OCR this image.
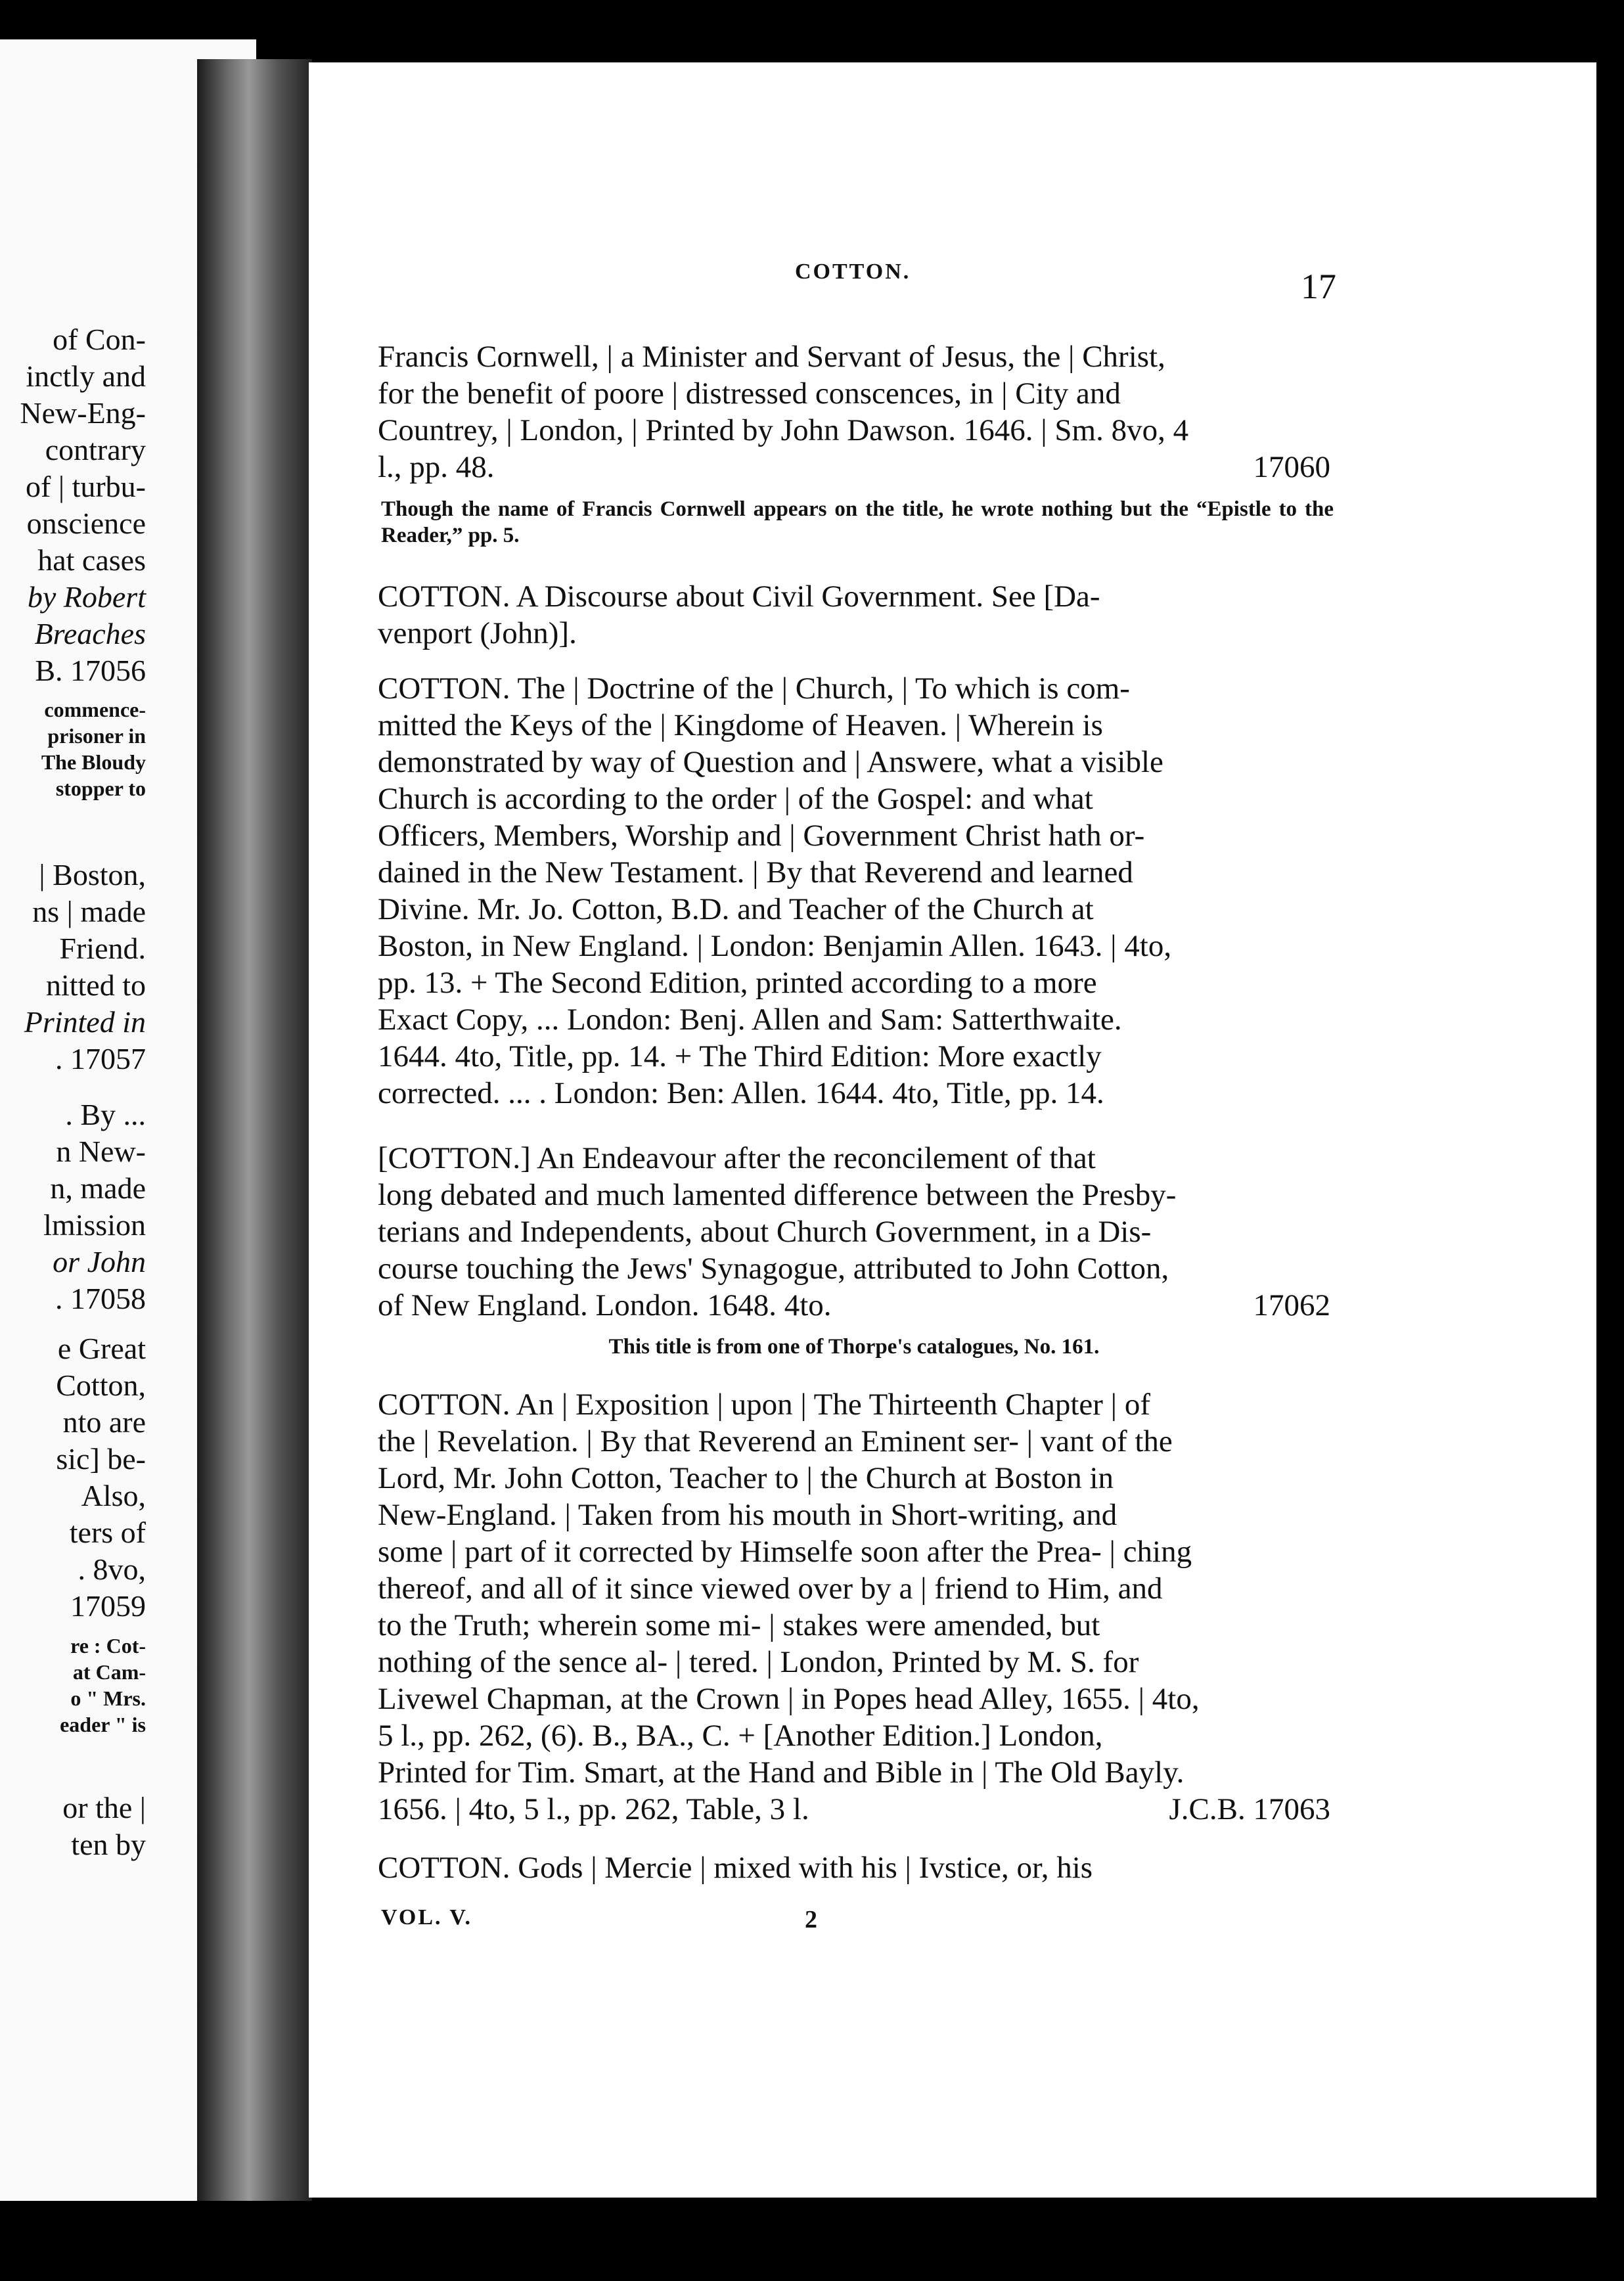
of Con-
inctly and
New-Eng-
contrary
of | turbu-
onscience
hat cases
by Robert
Breaches
B. 17056
commence-
prisoner in
The Bloudy
stopper to
| Boston,
ns | made
Friend.
nitted to
Printed in
. 17057
. By ...
n New-
n, made
lmission
or John
. 17058
e Great
Cotton,
nto are
sic] be-
Also,
ters of
. 8vo,
17059
re : Cot-
at Cam-
o " Mrs.
eader " is
or the |
ten by
COTTON.	17
Francis Cornwell, | a Minister and Servant of Jesus, the | Christ,
for the benefit of poore | distressed conscences, in | City and
Countrey, | London, | Printed by John Dawson. 1646. | Sm. 8vo, 4
l., pp. 48.	17060
Though the name of Francis Cornwell appears on the title, he wrote nothing but the “Epistle to the Reader,” pp. 5.
COTTON. A Discourse about Civil Government. See [Da-
venport (John)].
COTTON. The | Doctrine of the | Church, | To which is com-
mitted the Keys of the | Kingdome of Heaven. | Wherein is
demonstrated by way of Question and | Answere, what a visible
Church is according to the order | of the Gospel: and what
Officers, Members, Worship and | Government Christ hath or-
dained in the New Testament. | By that Reverend and learned
Divine. Mr. Jo. Cotton, B.D. and Teacher of the Church at
Boston, in New England. | London: Benjamin Allen. 1643. | 4to,
pp. 13. + The Second Edition, printed according to a more
Exact Copy, ... London: Benj. Allen and Sam: Satterthwaite.
1644. 4to, Title, pp. 14. + The Third Edition: More exactly
corrected. ... . London: Ben: Allen. 1644. 4to, Title, pp. 14.
[COTTON.] An Endeavour after the reconcilement of that
long debated and much lamented difference between the Presby-
terians and Independents, about Church Government, in a Dis-
course touching the Jews' Synagogue, attributed to John Cotton,
of New England. London. 1648. 4to.	17062
This title is from one of Thorpe's catalogues, No. 161.
COTTON. An | Exposition | upon | The Thirteenth Chapter | of
the | Revelation. | By that Reverend an Eminent ser- | vant of the
Lord, Mr. John Cotton, Teacher to | the Church at Boston in
New-England. | Taken from his mouth in Short-writing, and
some | part of it corrected by Himselfe soon after the Prea- | ching
thereof, and all of it since viewed over by a | friend to Him, and
to the Truth; wherein some mi- | stakes were amended, but
nothing of the sence al- | tered. | London, Printed by M. S. for
Livewel Chapman, at the Crown | in Popes head Alley, 1655. | 4to,
5 l., pp. 262, (6). B., BA., C. + [Another Edition.] London,
Printed for Tim. Smart, at the Hand and Bible in | The Old Bayly.
1656. | 4to, 5 l., pp. 262, Table, 3 l.	J.C.B. 17063
COTTON. Gods | Mercie | mixed with his | Ivstice, or, his
VOL. V.	2
